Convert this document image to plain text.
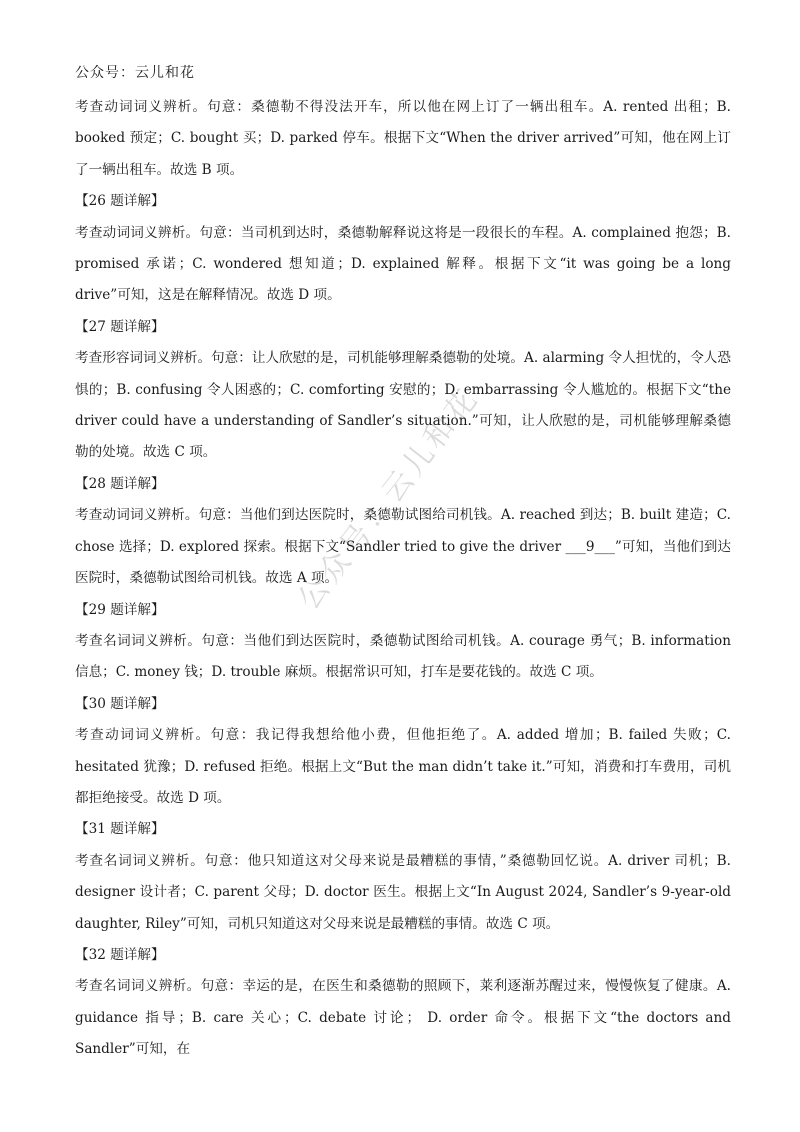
公众号：云儿和花

考查动词词义辨析。句意：桑德勒不得没法开车，所以他在网上订了一辆出租车。A. rented 出租；B. booked 预定；C. bought 买；D. parked 停车。根据下文“When the driver arrived”可知，他在网上订了一辆出租车。故选 B 项。

【26 题详解】

考查动词词义辨析。句意：当司机到达时，桑德勒解释说这将是一段很长的车程。A. complained 抱怨；B. promised 承诺；C. wondered 想知道；D. explained 解释。根据下文“it was going be a long drive”可知，这是在解释情况。故选 D 项。

【27 题详解】

考查形容词词义辨析。句意：让人欣慰的是，司机能够理解桑德勒的处境。A. alarming 令人担忧的，令人恐惧的；B. confusing 令人困惑的；C. comforting 安慰的；D. embarrassing 令人尴尬的。根据下文“the driver could have a understanding of Sandler’s situation.”可知，让人欣慰的是，司机能够理解桑德勒的处境。故选 C 项。

【28 题详解】

考查动词词义辨析。句意：当他们到达医院时，桑德勒试图给司机钱。A. reached 到达；B. built 建造；C. chose 选择；D. explored 探索。根据下文“Sandler tried to give the driver ___9___”可知，当他们到达医院时，桑德勒试图给司机钱。故选 A 项。

【29 题详解】

考查名词词义辨析。句意：当他们到达医院时，桑德勒试图给司机钱。A. courage 勇气；B. information 信息；C. money 钱；D. trouble 麻烦。根据常识可知，打车是要花钱的。故选 C 项。

【30 题详解】

考查动词词义辨析。句意：我记得我想给他小费，但他拒绝了。A. added 增加；B. failed 失败；C. hesitated 犹豫；D. refused 拒绝。根据上文“But the man didn’t take it.”可知，消费和打车费用，司机都拒绝接受。故选 D 项。

【31 题详解】

考查名词词义辨析。句意：他只知道这对父母来说是最糟糕的事情，”桑德勒回忆说。A. driver 司机；B. designer 设计者；C. parent 父母；D. doctor 医生。根据上文“In August 2024, Sandler’s 9-year-old daughter, Riley”可知，司机只知道这对父母来说是最糟糕的事情。故选 C 项。

【32 题详解】

考查名词词义辨析。句意：幸运的是，在医生和桑德勒的照顾下，莱利逐渐苏醒过来，慢慢恢复了健康。A. guidance 指导；B. care 关心；C. debate 讨论； D. order 命令。根据下文“the doctors and Sandler”可知，在

公众号：云儿和花
